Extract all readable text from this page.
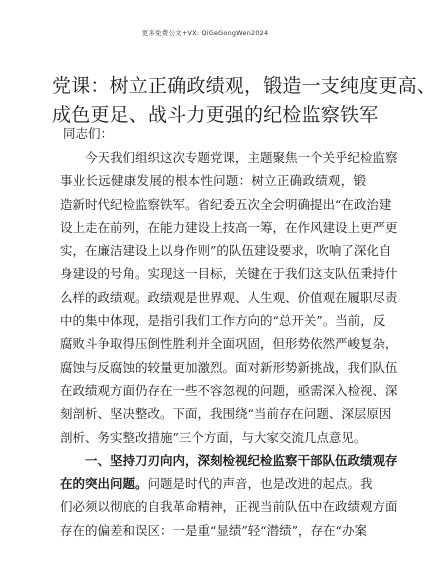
更多免费公文+VX: QiGeGongWen2024
党课：树立正确政绩观，锻造一支纯度更高、
成色更足、战斗力更强的纪检监察铁军
同志们：
今天我们组织这次专题党课，主题聚焦一个关乎纪检监察
事业长远健康发展的根本性问题：树立正确政绩观，锻
造新时代纪检监察铁军。省纪委五次全会明确提出“在政治建
设上走在前列，在能力建设上技高一筹，在作风建设上更严更
实，在廉洁建设上以身作则”的队伍建设要求，吹响了深化自
身建设的号角。实现这一目标，关键在于我们这支队伍秉持什
么样的政绩观。政绩观是世界观、人生观、价值观在履职尽责
中的集中体现，是指引我们工作方向的“总开关”。当前，反
腐败斗争取得压倒性胜利并全面巩固，但形势依然严峻复杂，
腐蚀与反腐蚀的较量更加激烈。面对新形势新挑战，我们队伍
在政绩观方面仍存在一些不容忽视的问题，亟需深入检视、深
刻剖析、坚决整改。下面，我围绕“当前存在问题、深层原因
剖析、务实整改措施”三个方面，与大家交流几点意见。
一、坚持刀刃向内，深刻检视纪检监察干部队伍政绩观存
在的突出问题。问题是时代的声音，也是改进的起点。我
们必须以彻底的自我革命精神，正视当前队伍中在政绩观方面
存在的偏差和误区：一是重“显绩”轻“潜绩”，存在“办案
